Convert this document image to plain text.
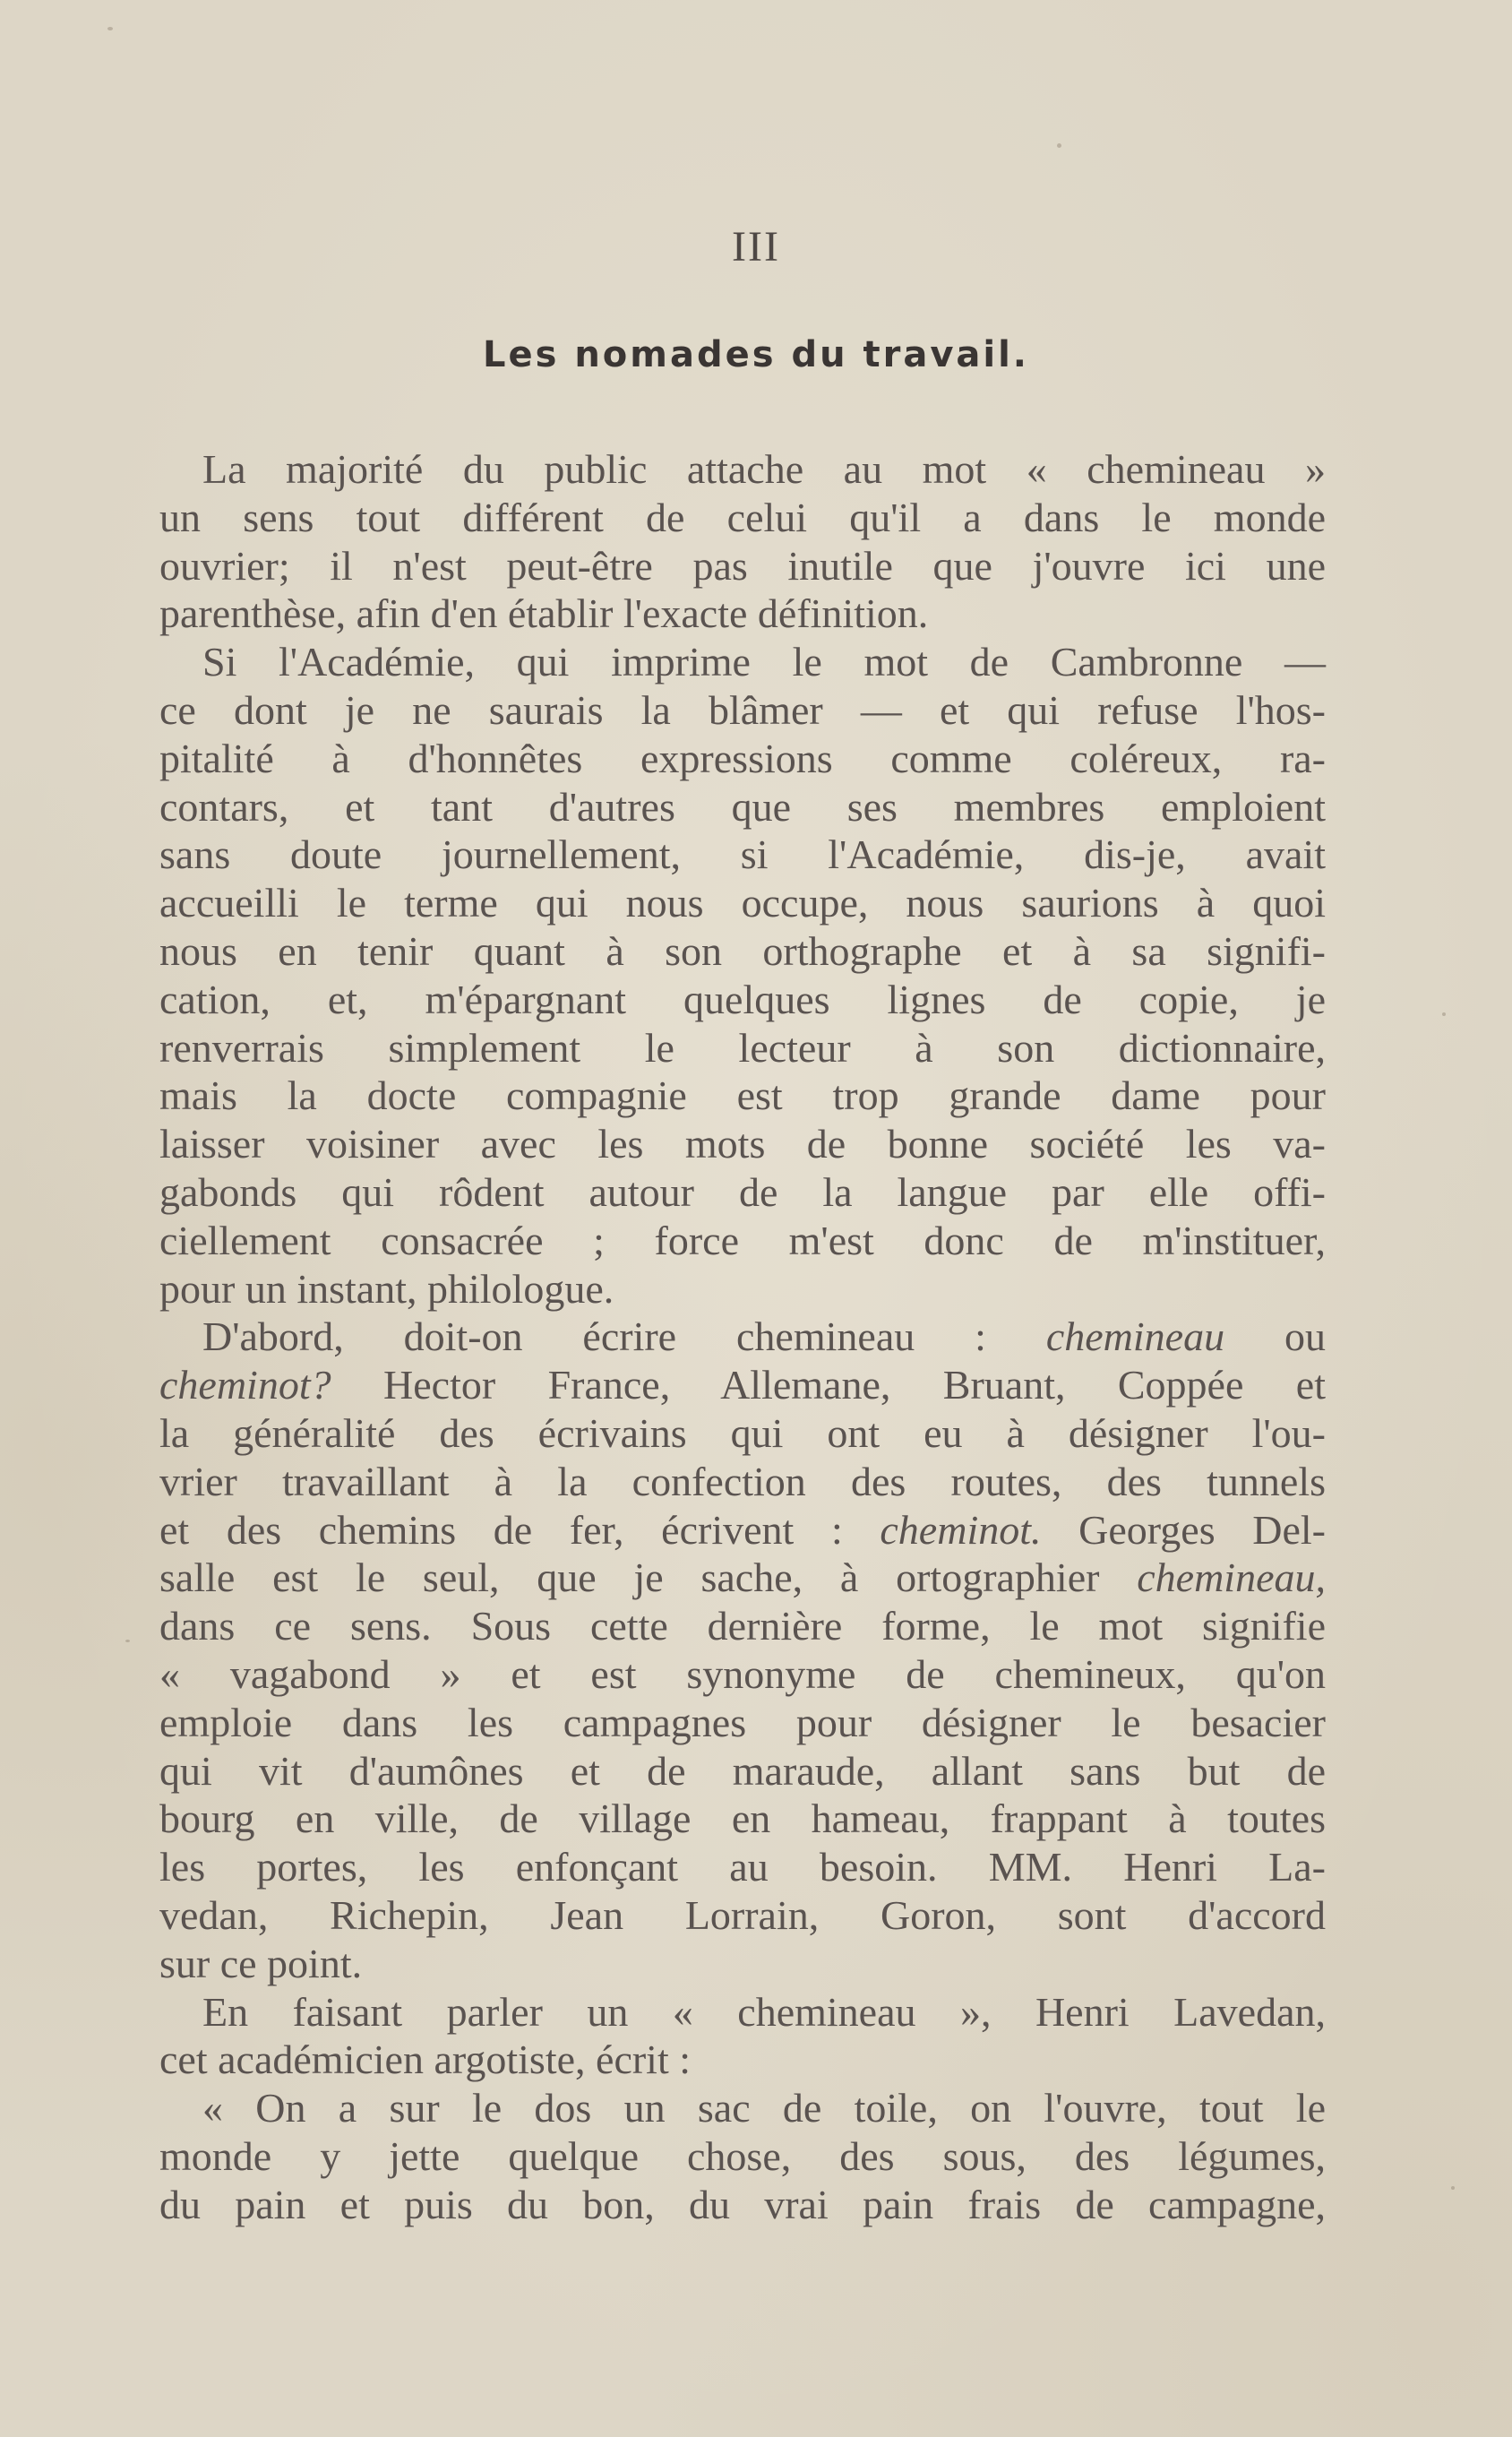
III
Les nomades du travail.
La majorité du public attache au mot « chemineau »
un sens tout différent de celui qu'il a dans le monde
ouvrier; il n'est peut-être pas inutile que j'ouvre ici une
parenthèse, afin d'en établir l'exacte définition.
Si l'Académie, qui imprime le mot de Cambronne —
ce dont je ne saurais la blâmer — et qui refuse l'hos-
pitalité à d'honnêtes expressions comme coléreux, ra-
contars, et tant d'autres que ses membres emploient
sans doute journellement, si l'Académie, dis-je, avait
accueilli le terme qui nous occupe, nous saurions à quoi
nous en tenir quant à son orthographe et à sa signifi-
cation, et, m'épargnant quelques lignes de copie, je
renverrais simplement le lecteur à son dictionnaire,
mais la docte compagnie est trop grande dame pour
laisser voisiner avec les mots de bonne société les va-
gabonds qui rôdent autour de la langue par elle offi-
ciellement consacrée ; force m'est donc de m'instituer,
pour un instant, philologue.
D'abord, doit-on écrire chemineau : chemineau ou
cheminot? Hector France, Allemane, Bruant, Coppée et
la généralité des écrivains qui ont eu à désigner l'ou-
vrier travaillant à la confection des routes, des tunnels
et des chemins de fer, écrivent : cheminot. Georges Del-
salle est le seul, que je sache, à ortographier chemineau,
dans ce sens. Sous cette dernière forme, le mot signifie
« vagabond » et est synonyme de chemineux, qu'on
emploie dans les campagnes pour désigner le besacier
qui vit d'aumônes et de maraude, allant sans but de
bourg en ville, de village en hameau, frappant à toutes
les portes, les enfonçant au besoin. MM. Henri La-
vedan, Richepin, Jean Lorrain, Goron, sont d'accord
sur ce point.
En faisant parler un « chemineau », Henri Lavedan,
cet académicien argotiste, écrit :
« On a sur le dos un sac de toile, on l'ouvre, tout le
monde y jette quelque chose, des sous, des légumes,
du pain et puis du bon, du vrai pain frais de campagne,
